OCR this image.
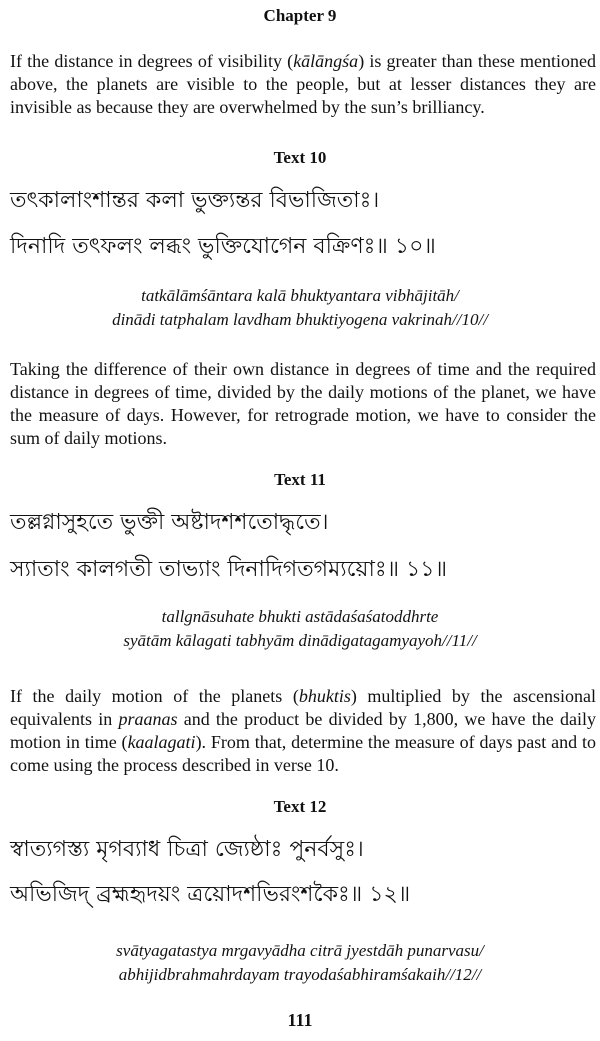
Chapter 9

If the distance in degrees of visibility (kālāngśa) is greater than these mentioned above, the planets are visible to the people, but at lesser distances they are invisible as because they are overwhelmed by the sun’s brilliancy.

Text 10
তৎকালাংশান্তর কলা ভুক্ত্যন্তর বিভাজিতাঃ।
দিনাদি তৎফলং লব্ধং ভুক্তিযোগেন বক্রিণঃ॥ ১০॥
tatkālāmśāntara kalā bhuktyantara vibhājitāh/
dinādi tatphalam lavdham bhuktiyogena vakrinah//10//

Taking the difference of their own distance in degrees of time and the required distance in degrees of time, divided by the daily motions of the planet, we have the measure of days. However, for retrograde motion, we have to consider the sum of daily motions.

Text 11
তল্লগ্নাসুহতে ভুক্তী অষ্টাদশশতোদ্ধৃতে।
স্যাতাং কালগতী তাভ্যাং দিনাদিগতগম্যয়োঃ॥ ১১॥
tallgnāsuhate bhukti astādaśaśatoddhrte
syātām kālagati tabhyām dinādigatagamyayoh//11//

If the daily motion of the planets (bhuktis) multiplied by the ascensional equivalents in praanas and the product be divided by 1,800, we have the daily motion in time (kaalagati). From that, determine the measure of days past and to come using the process described in verse 10.

Text 12
স্বাত্যগস্ত্য মৃগব্যাধ চিত্রা জ্যেষ্ঠাঃ পুনর্বসুঃ।
অভিজিদ্ ব্রহ্মহৃদয়ং ত্রয়োদশভিরংশকৈঃ॥ ১২॥
svātyagatastya mrgavyādha citrā jyestdāh punarvasu/
abhijidbrahmahrdayam trayodaśabhiramśakaih//12//
111
